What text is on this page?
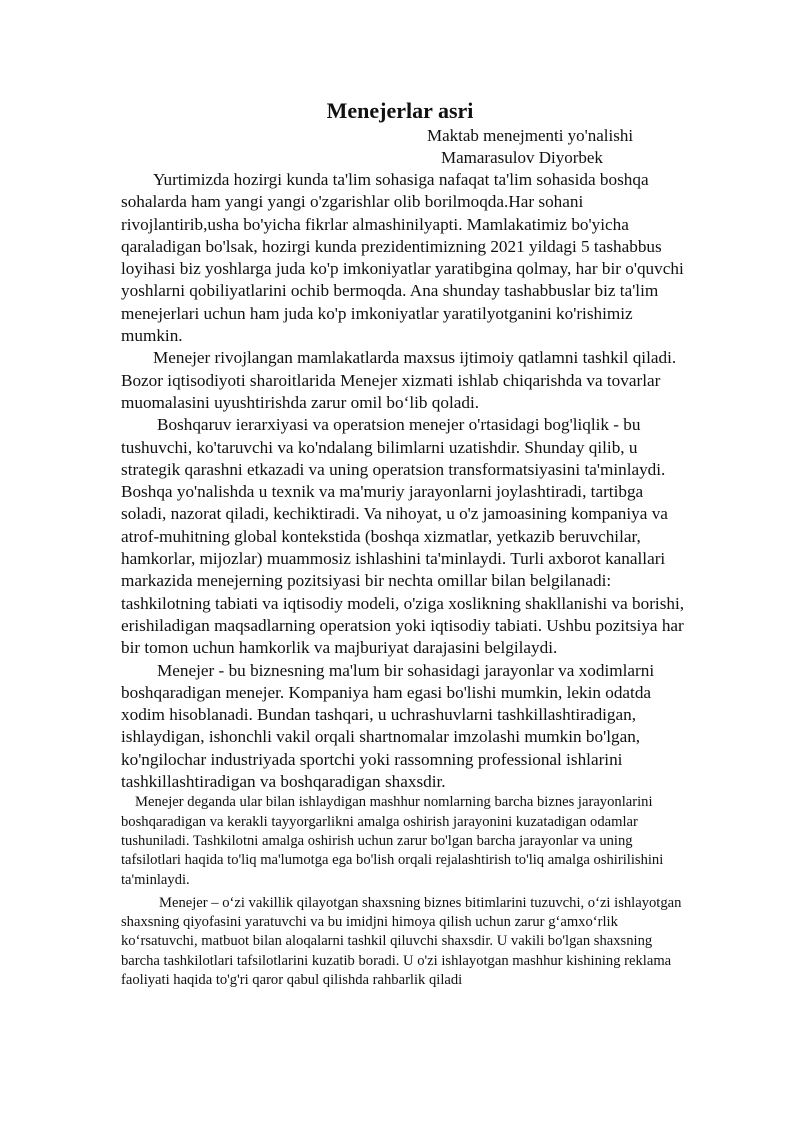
Menejerlar asri
Maktab menejmenti yo'nalishi
Mamarasulov Diyorbek

Yurtimizda hozirgi kunda ta'lim sohasiga nafaqat ta'lim sohasida boshqa sohalarda ham yangi yangi o'zgarishlar olib borilmoqda.Har sohani rivojlantirib,usha bo'yicha fikrlar almashinilyapti. Mamlakatimiz bo'yicha qaraladigan bo'lsak, hozirgi kunda prezidentimizning 2021 yildagi 5 tashabbus loyihasi biz yoshlarga juda ko'p imkoniyatlar yaratibgina qolmay, har bir o'quvchi yoshlarni qobiliyatlarini ochib bermoqda. Ana shunday tashabbuslar biz ta'lim menejerlari uchun ham juda ko'p imkoniyatlar yaratilyotganini ko'rishimiz mumkin.

Menejer rivojlangan mamlakatlarda maxsus ijtimoiy qatlamni tashkil qiladi. Bozor iqtisodiyoti sharoitlarida Menejer xizmati ishlab chiqarishda va tovarlar muomalasini uyushtirishda zarur omil bo‘lib qoladi.

Boshqaruv ierarxiyasi va operatsion menejer o'rtasidagi bog'liqlik - bu tushuvchi, ko'taruvchi va ko'ndalang bilimlarni uzatishdir. Shunday qilib, u strategik qarashni etkazadi va uning operatsion transformatsiyasini ta'minlaydi. Boshqa yo'nalishda u texnik va ma'muriy jarayonlarni joylashtiradi, tartibga soladi, nazorat qiladi, kechiktiradi. Va nihoyat, u o'z jamoasining kompaniya va atrof-muhitning global kontekstida (boshqa xizmatlar, yetkazib beruvchilar, hamkorlar, mijozlar) muammosiz ishlashini ta'minlaydi. Turli axborot kanallari markazida menejerning pozitsiyasi bir nechta omillar bilan belgilanadi: tashkilotning tabiati va iqtisodiy modeli, o'ziga xoslikning shakllanishi va borishi, erishiladigan maqsadlarning operatsion yoki iqtisodiy tabiati. Ushbu pozitsiya har bir tomon uchun hamkorlik va majburiyat darajasini belgilaydi.

Menejer - bu biznesning ma'lum bir sohasidagi jarayonlar va xodimlarni boshqaradigan menejer. Kompaniya ham egasi bo'lishi mumkin, lekin odatda xodim hisoblanadi. Bundan tashqari, u uchrashuvlarni tashkillashtiradigan, ishlaydigan, ishonchli vakil orqali shartnomalar imzolashi mumkin bo'lgan, ko'ngilochar industriyada sportchi yoki rassomning professional ishlarini tashkillashtiradigan va boshqaradigan shaxsdir.

Menejer deganda ular bilan ishlaydigan mashhur nomlarning barcha biznes jarayonlarini boshqaradigan va kerakli tayyorgarlikni amalga oshirish jarayonini kuzatadigan odamlar tushuniladi. Tashkilotni amalga oshirish uchun zarur bo'lgan barcha jarayonlar va uning tafsilotlari haqida to'liq ma'lumotga ega bo'lish orqali rejalashtirish to'liq amalga oshirilishini ta'minlaydi.

Menejer – o‘zi vakillik qilayotgan shaxsning biznes bitimlarini tuzuvchi, o‘zi ishlayotgan shaxsning qiyofasini yaratuvchi va bu imidjni himoya qilish uchun zarur g‘amxo‘rlik ko‘rsatuvchi, matbuot bilan aloqalarni tashkil qiluvchi shaxsdir. U vakili bo'lgan shaxsning barcha tashkilotlari tafsilotlarini kuzatib boradi. U o'zi ishlayotgan mashhur kishining reklama faoliyati haqida to'g'ri qaror qabul qilishda rahbarlik qiladi
